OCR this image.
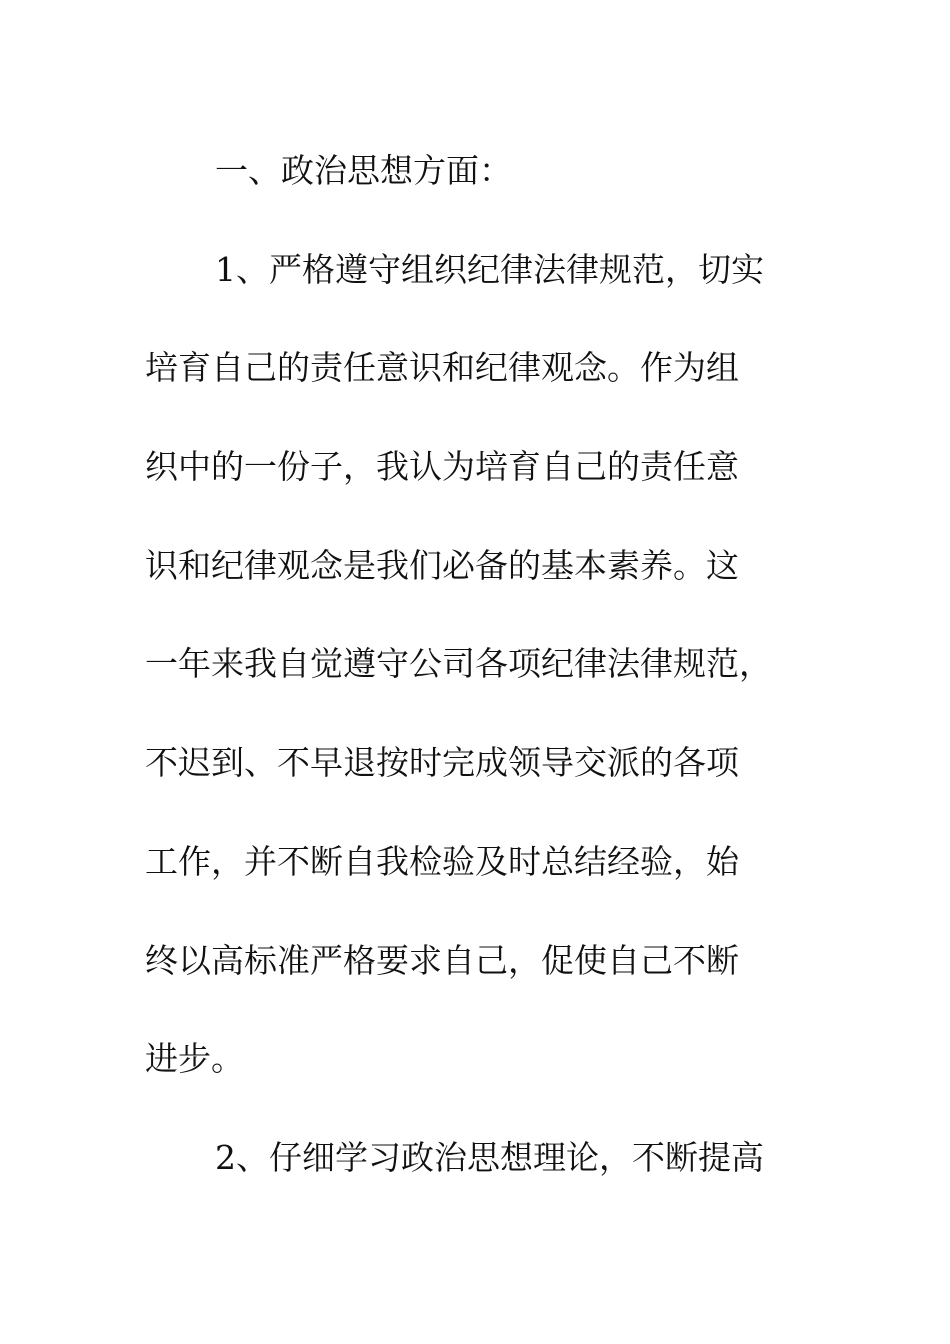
一、政治思想方面：
1、严格遵守组织纪律法律规范，切实
培育自己的责任意识和纪律观念。作为组
织中的一份子，我认为培育自己的责任意
识和纪律观念是我们必备的基本素养。这
一年来我自觉遵守公司各项纪律法律规范，
不迟到、不早退按时完成领导交派的各项
工作，并不断自我检验及时总结经验，始
终以高标准严格要求自己，促使自己不断
进步。
2、仔细学习政治思想理论，不断提高
